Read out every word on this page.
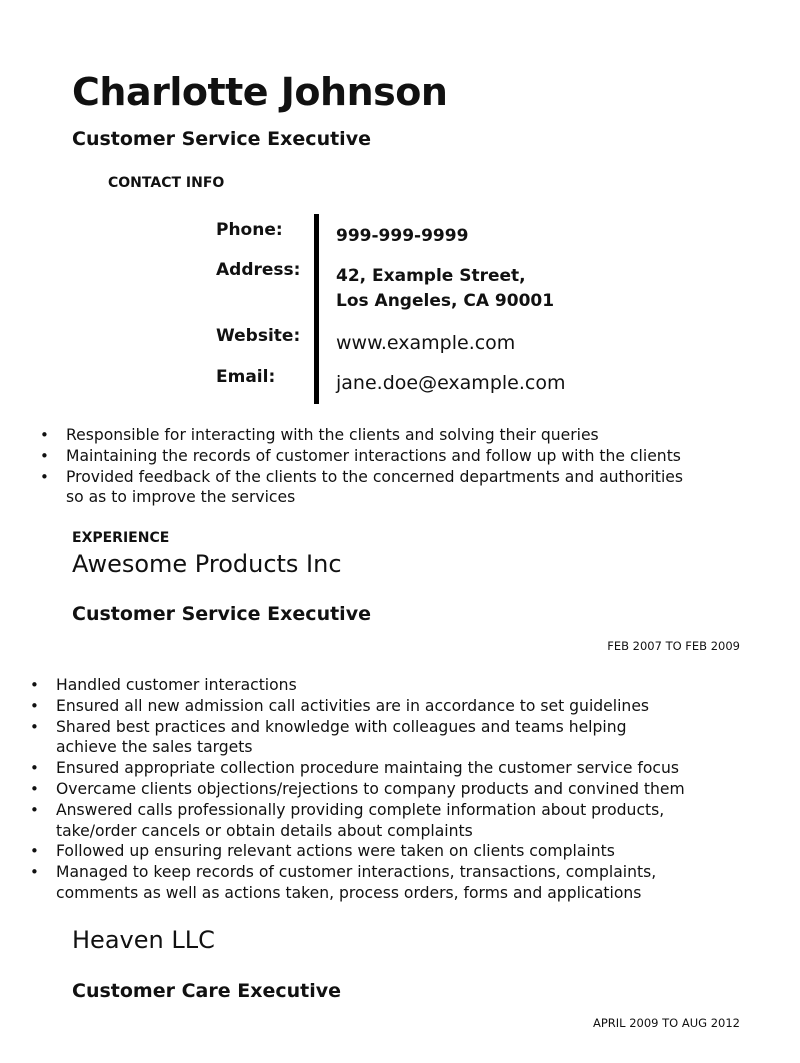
Charlotte Johnson
Customer Service Executive
CONTACT INFO
Phone:
Address:
Website:
Email:
999-999-9999
42, Example Street,
Los Angeles, CA 90001
www.example.com
jane.doe@example.com
• Responsible for interacting with the clients and solving their queries
• Maintaining the records of customer interactions and follow up with the clients
• Provided feedback of the clients to the concerned departments and authorities
so as to improve the services
EXPERIENCE
Awesome Products Inc
Customer Service Executive
FEB 2007 TO FEB 2009
• Handled customer interactions
• Ensured all new admission call activities are in accordance to set guidelines
• Shared best practices and knowledge with colleagues and teams helping
achieve the sales targets
• Ensured appropriate collection procedure maintaing the customer service focus
• Overcame clients objections/rejections to company products and convined them
• Answered calls professionally providing complete information about products,
take/order cancels or obtain details about complaints
• Followed up ensuring relevant actions were taken on clients complaints
• Managed to keep records of customer interactions, transactions, complaints,
comments as well as actions taken, process orders, forms and applications
Heaven LLC
Customer Care Executive
APRIL 2009 TO AUG 2012
